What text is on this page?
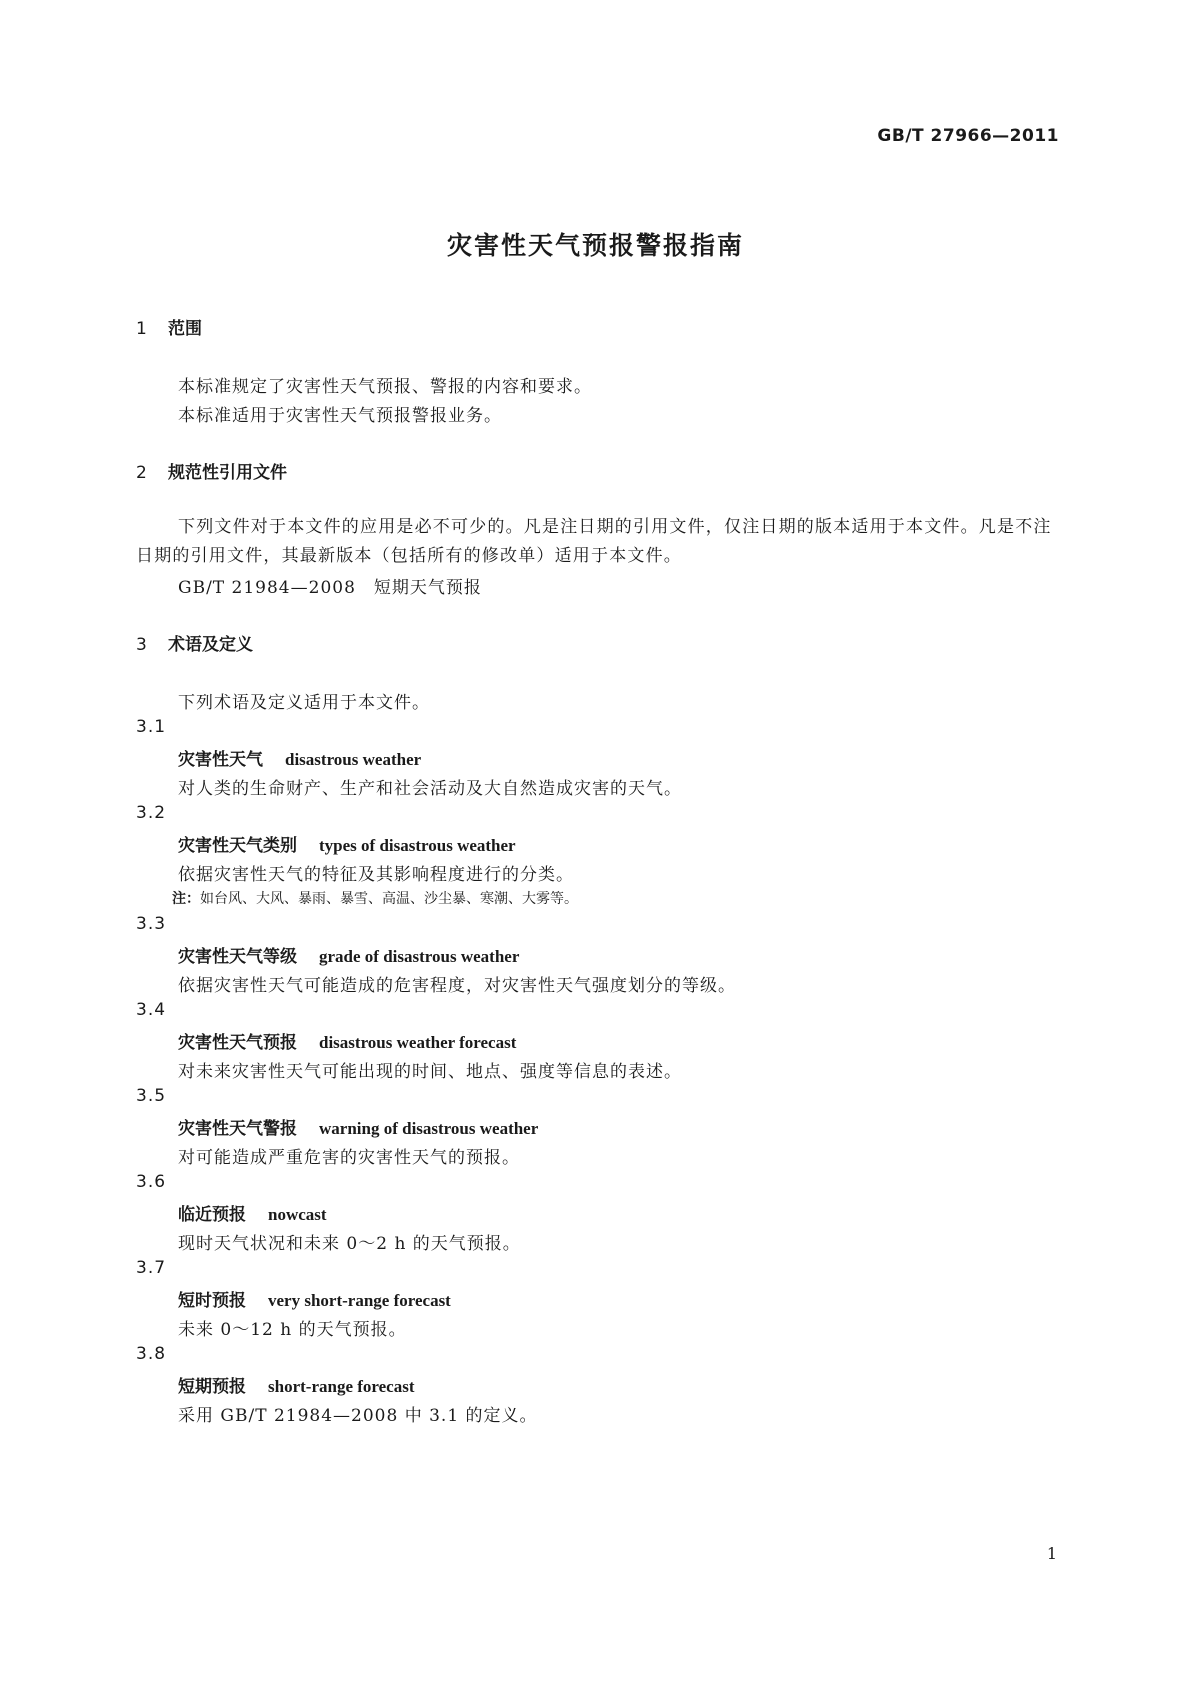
GB/T 27966—2011
灾害性天气预报警报指南
1 范围
本标准规定了灾害性天气预报、警报的内容和要求。
本标准适用于灾害性天气预报警报业务。
2 规范性引用文件
下列文件对于本文件的应用是必不可少的。凡是注日期的引用文件，仅注日期的版本适用于本文件。凡是不注日期的引用文件，其最新版本（包括所有的修改单）适用于本文件。
GB/T 21984—2008　短期天气预报
3 术语及定义
下列术语及定义适用于本文件。
3.1
灾害性天气 disastrous weather
对人类的生命财产、生产和社会活动及大自然造成灾害的天气。
3.2
灾害性天气类别 types of disastrous weather
依据灾害性天气的特征及其影响程度进行的分类。
注：如台风、大风、暴雨、暴雪、高温、沙尘暴、寒潮、大雾等。
3.3
灾害性天气等级 grade of disastrous weather
依据灾害性天气可能造成的危害程度，对灾害性天气强度划分的等级。
3.4
灾害性天气预报 disastrous weather forecast
对未来灾害性天气可能出现的时间、地点、强度等信息的表述。
3.5
灾害性天气警报 warning of disastrous weather
对可能造成严重危害的灾害性天气的预报。
3.6
临近预报 nowcast
现时天气状况和未来 0～2 h 的天气预报。
3.7
短时预报 very short-range forecast
未来 0～12 h 的天气预报。
3.8
短期预报 short-range forecast
采用 GB/T 21984—2008 中 3.1 的定义。
1
